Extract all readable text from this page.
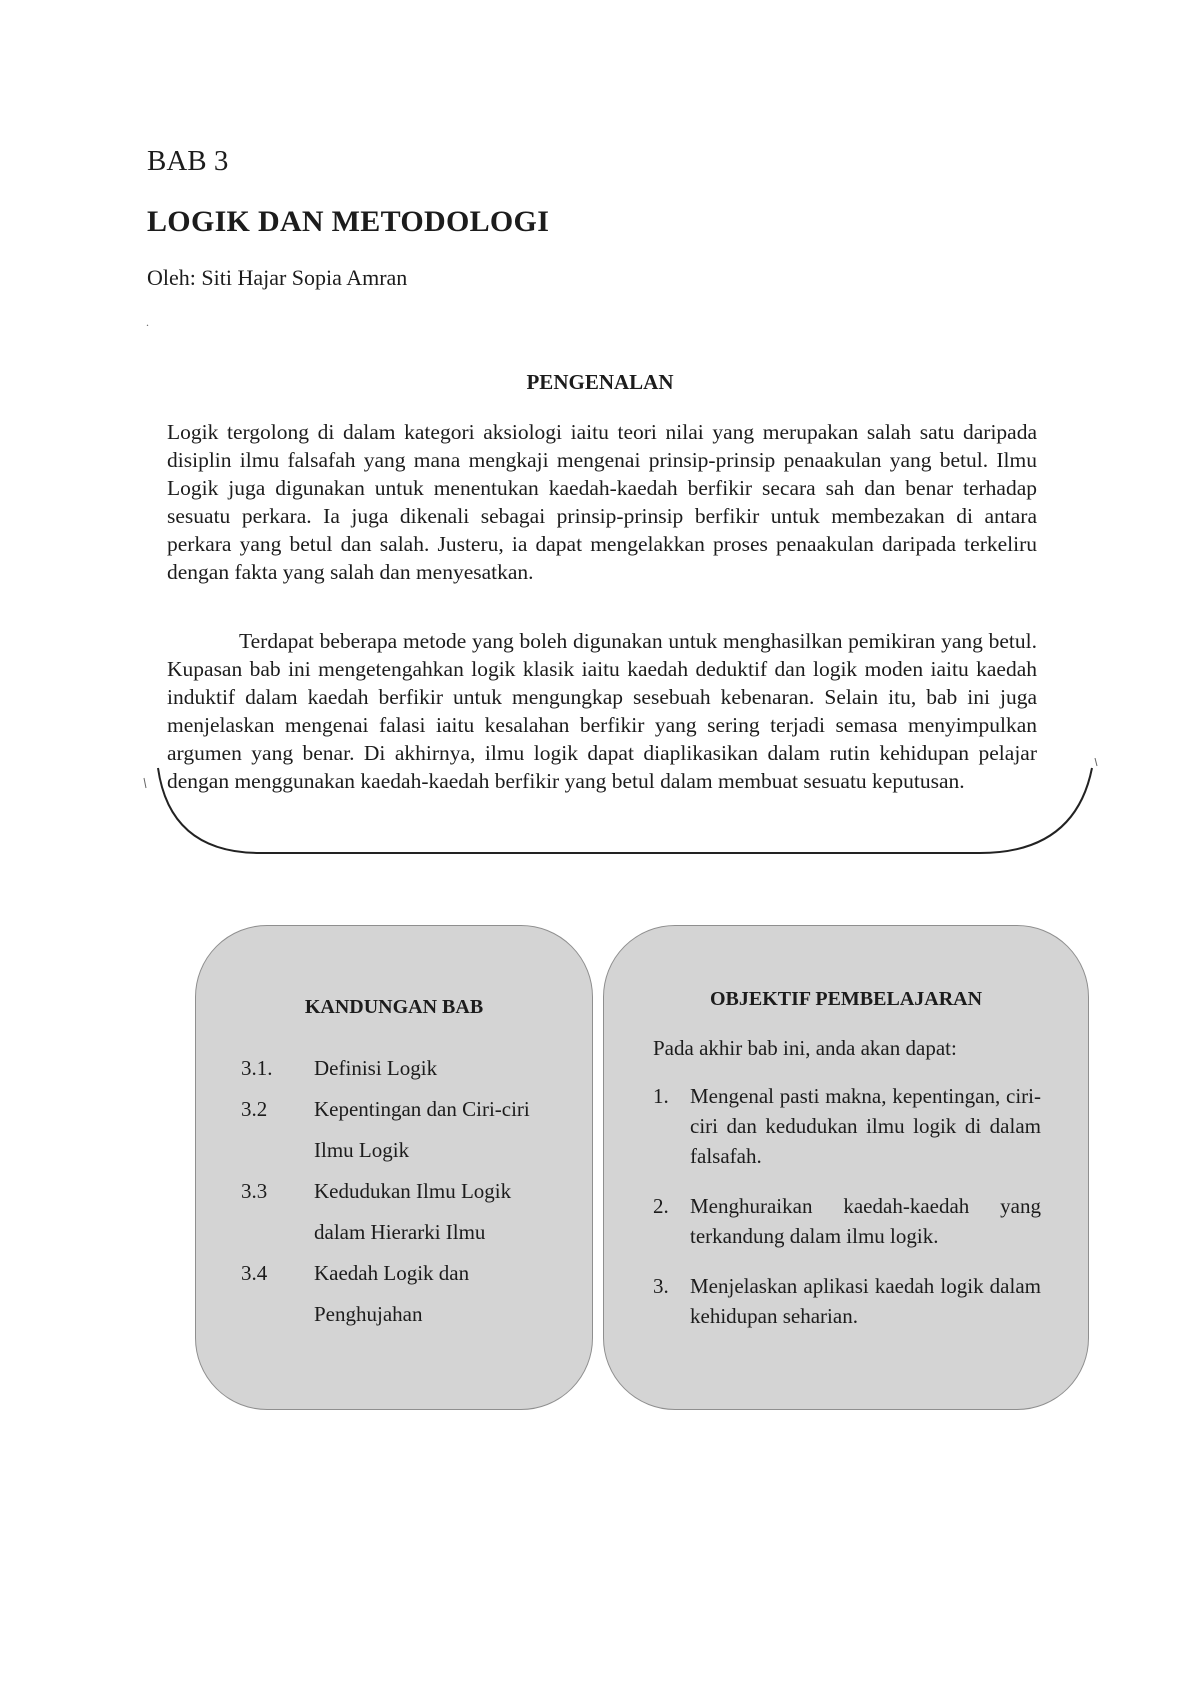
BAB 3
LOGIK DAN METODOLOGI
Oleh: Siti Hajar Sopia Amran
.
PENGENALAN

Logik tergolong di dalam kategori aksiologi iaitu teori nilai yang merupakan salah satu daripada disiplin ilmu falsafah yang mana mengkaji mengenai prinsip-prinsip penaakulan yang betul. Ilmu Logik juga digunakan untuk menentukan kaedah-kaedah berfikir secara sah dan benar terhadap sesuatu perkara. Ia juga dikenali sebagai prinsip-prinsip berfikir untuk membezakan di antara perkara yang betul dan salah. Justeru, ia dapat mengelakkan proses penaakulan daripada terkeliru dengan fakta yang salah dan menyesatkan.

Terdapat beberapa metode yang boleh digunakan untuk menghasilkan pemikiran yang betul. Kupasan bab ini mengetengahkan logik klasik iaitu kaedah deduktif dan logik moden iaitu kaedah induktif dalam kaedah berfikir untuk mengungkap sesebuah kebenaran. Selain itu, bab ini juga menjelaskan mengenai falasi iaitu kesalahan berfikir yang sering terjadi semasa menyimpulkan argumen yang benar. Di akhirnya, ilmu logik dapat diaplikasikan dalam rutin kehidupan pelajar dengan menggunakan kaedah-kaedah berfikir yang betul dalam membuat sesuatu keputusan.

KANDUNGAN BAB
3.1.	Definisi Logik
3.2	Kepentingan dan Ciri-ciri Ilmu Logik
3.3	Kedudukan Ilmu Logik dalam Hierarki Ilmu
3.4	Kaedah Logik dan Penghujahan
OBJEKTIF PEMBELAJARAN
Pada akhir bab ini, anda akan dapat:
1.	Mengenal pasti makna, kepentingan, ciri-ciri dan kedudukan ilmu logik di dalam falsafah.
2.	Menghuraikan kaedah-kaedah yang terkandung dalam ilmu logik.
3.	Menjelaskan aplikasi kaedah logik dalam kehidupan seharian.
